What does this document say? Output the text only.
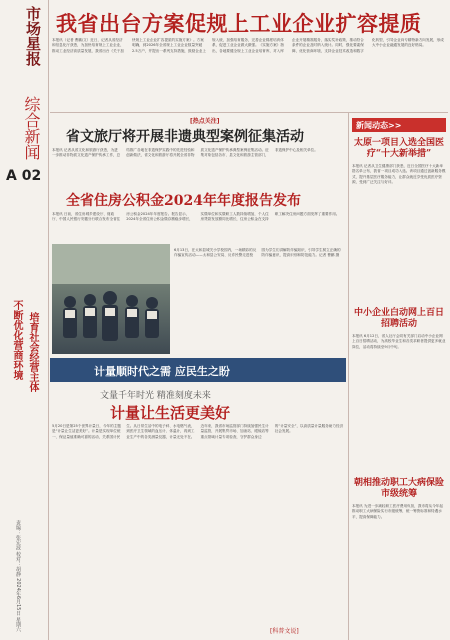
市场星报
综合新闻
A 02
培育社会经营主体
不断优化营商环境
责编：张宏波 校对：胡静 2024年6月15日 星期六
我省出台方案促规上工业企业扩容提质
本报讯（记者 曹鹏/文）近日，记者从省经济和信息化厅获悉，为加快培育规上工业企业，推动工业经济高质量发展，我省出台《关于加快规上工业企业扩容提质的实施方案》。方案明确，到2026年全省规上工业企业数量突破2.5万户，并提出一系列支持措施，鼓励企业上规入统，加强培育服务，完善企业梯度培育体系，促进工业企业做大做强。《实施方案》指出，各地要健全规上工业企业培育库，对入库企业开展精准服务，落实奖补政策，推动符合条件的企业及时纳入统计。同时，强化要素保障，优化营商环境，支持企业技术改造和数字化转型，引导企业向专精特新方向发展，形成大中小企业融通发展的良好格局。
[热点关注]
省文旅厅将开展非遗典型案例征集活动
本报讯 记者从省文化和旅游厅获悉，为进一步推动非物质文化遗产保护传承工作，总结推广各地在非遗保护实践中的先进经验和创新做法，省文化和旅游厅将开展全省非物质文化遗产保护传承典型案例征集活动。征集对象包括各市、县文化和旅游主管部门，非遗保护中心及相关单位。
全省住房公积金2024年年度报告发布
本报讯 日前，省住房城乡建设厅、财政厅、中国人民银行安徽分行联合发布全省住房公积金2024年年度报告。报告显示，2024年全省住房公积金缴存额稳步增长，实缴单位和实缴职工人数持续增加，个人住房贷款发放额同比增长，住房公积金在支持职工解决住房问题方面发挥了重要作用。
6月13日，在太和县城关小学校园内，一场精彩的反诈骗宣传活动——太和县公安局、反诈民警走进校园为学生们讲解防诈骗知识，引导学生树立正确的防诈骗意识，提高识别和防范能力。记者 曹鹏 摄
计量顺时代之需 应民生之盼
文量千年时光 精准刻度未来
计量让生活更美好
5月20日是第25个世界计量日，今年的主题是“计量让生活更美好”。计量是实现单位统一、保证量值准确可靠的活动，关系国计民生。从日常生活中的电子秤、水电燃气表，到医疗卫生领域的血压计、体温计，再到工业生产中的各类测量仪器，计量无处不在。近年来，我省市场监管部门持续加强民生计量监管，开展集贸市场、加油站、眼镜店等重点领域计量专项检查，守护群众身边的“计量安全”，以高质量计量服务助力经济社会发展。
[科普文说]
新闻动态>>
太原一项目入选全国医疗“十大新举措”
本报讯 记者从卫生健康部门获悉，近日全国医疗十大新举措名单公布，我省一项目成功入选。该项目通过创新服务模式，提升基层医疗服务能力，让群众就近享受优质医疗资源，受到广泛关注与好评。
中小企业白动网上百日招聘活动
本报讯 6月12日，省人社厅会同有关部门启动中小企业网上百日招聘活动，为高校毕业生和各类求职者提供更多就业岗位，活动将持续至9月中旬。
朝相推动职工大病保险市级统筹
本报讯 为进一步减轻职工医疗费用负担，我市将从今年起推动职工大病保险实行市级统筹，统一筹资标准和待遇水平，提高保障能力。
